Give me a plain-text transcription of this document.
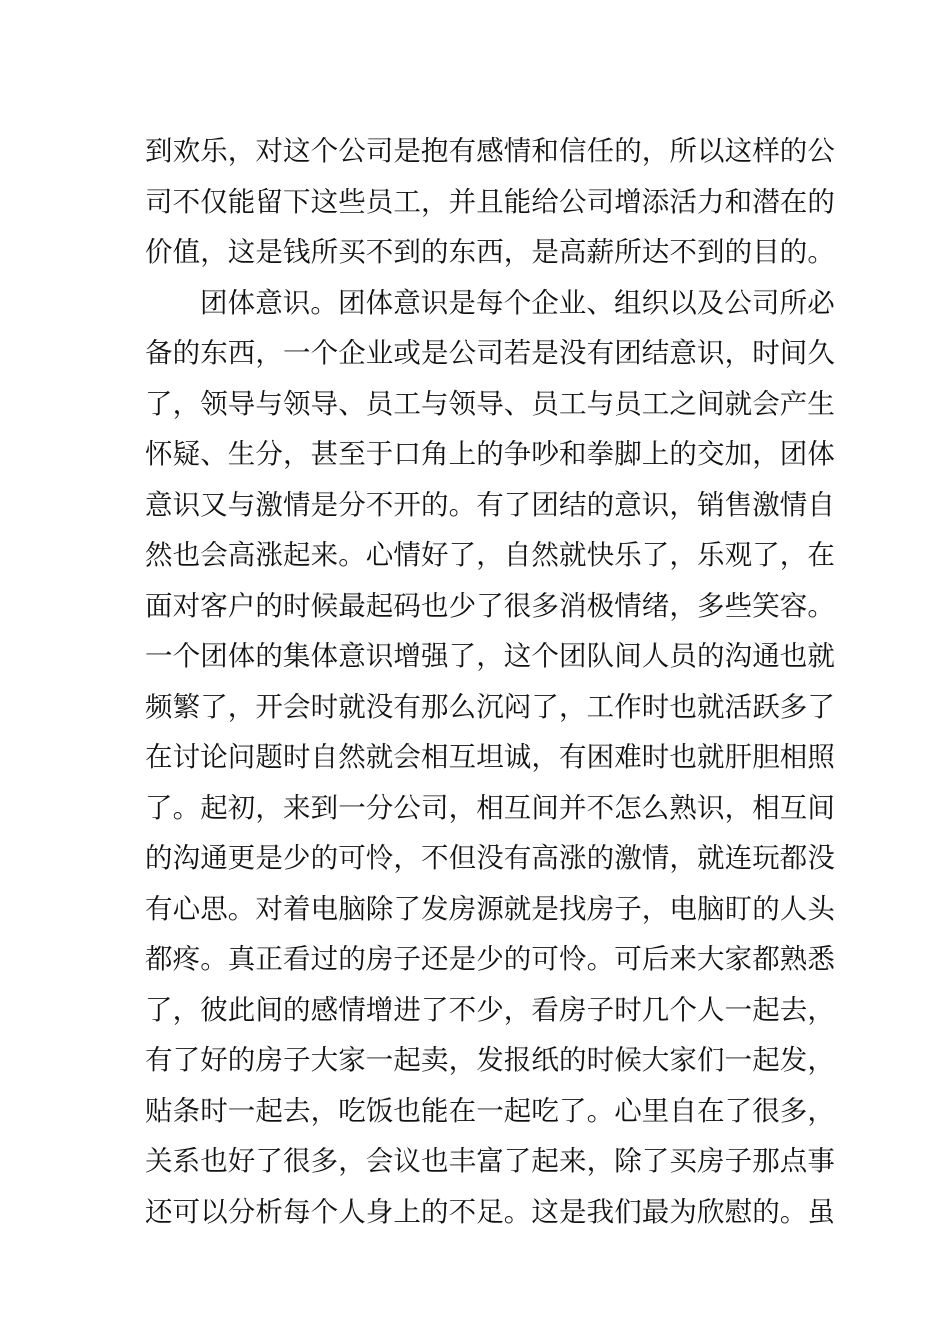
到欢乐，对这个公司是抱有感情和信任的，所以这样的公
司不仅能留下这些员工，并且能给公司增添活力和潜在的
价值，这是钱所买不到的东西，是高薪所达不到的目的。
团体意识。团体意识是每个企业、组织以及公司所必
备的东西，一个企业或是公司若是没有团结意识，时间久
了，领导与领导、员工与领导、员工与员工之间就会产生
怀疑、生分，甚至于口角上的争吵和拳脚上的交加，团体
意识又与激情是分不开的。有了团结的意识，销售激情自
然也会高涨起来。心情好了，自然就快乐了，乐观了，在
面对客户的时候最起码也少了很多消极情绪，多些笑容。
一个团体的集体意识增强了，这个团队间人员的沟通也就
频繁了，开会时就没有那么沉闷了，工作时也就活跃多了
在讨论问题时自然就会相互坦诚，有困难时也就肝胆相照
了。起初，来到一分公司，相互间并不怎么熟识，相互间
的沟通更是少的可怜，不但没有高涨的激情，就连玩都没
有心思。对着电脑除了发房源就是找房子，电脑盯的人头
都疼。真正看过的房子还是少的可怜。可后来大家都熟悉
了，彼此间的感情增进了不少，看房子时几个人一起去，
有了好的房子大家一起卖，发报纸的时候大家们一起发，
贴条时一起去，吃饭也能在一起吃了。心里自在了很多，
关系也好了很多，会议也丰富了起来，除了买房子那点事
还可以分析每个人身上的不足。这是我们最为欣慰的。虽
